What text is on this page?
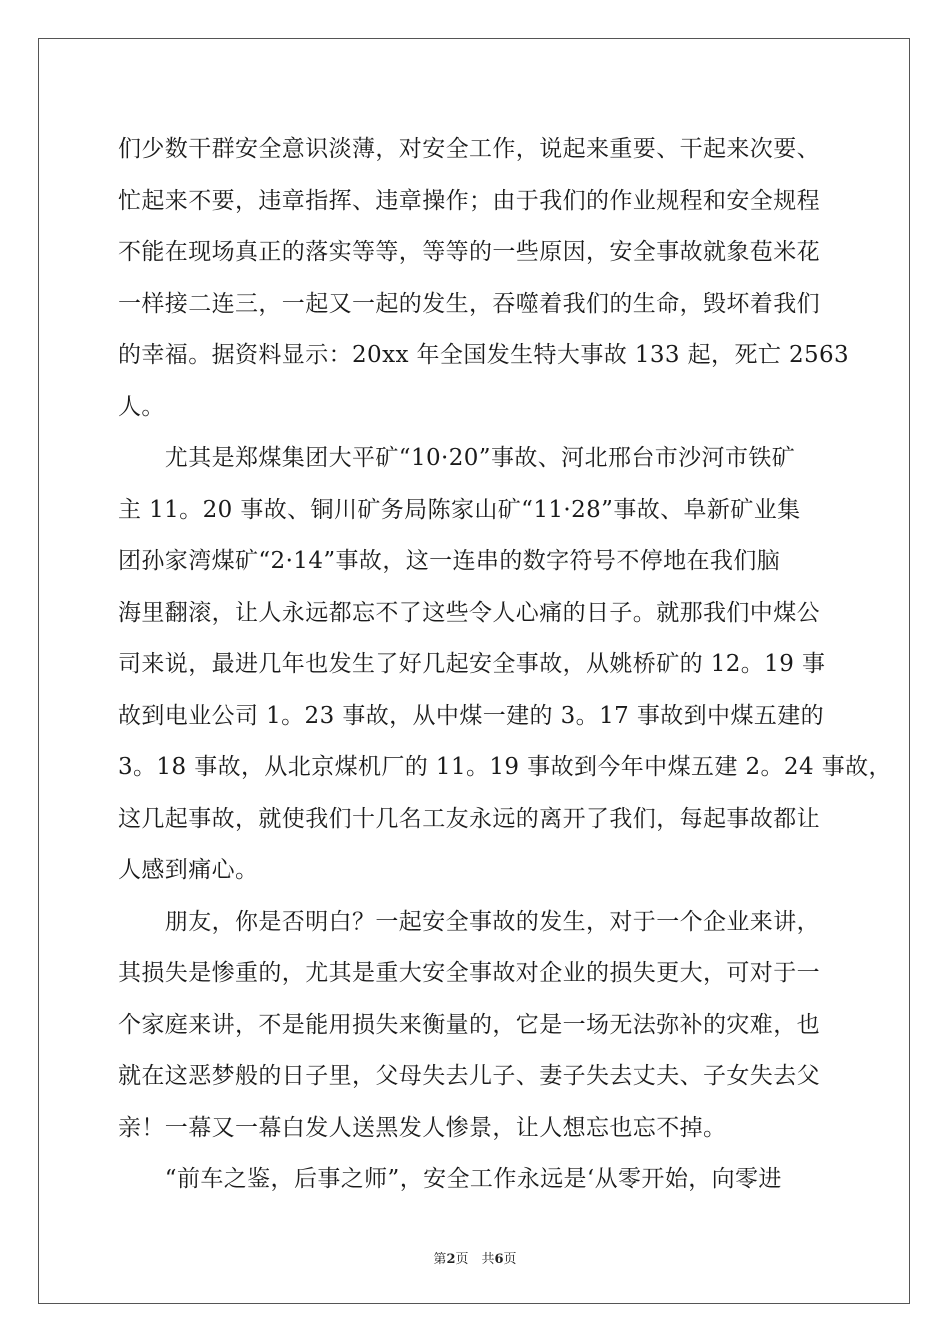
们少数干群安全意识淡薄，对安全工作，说起来重要、干起来次要、
忙起来不要，违章指挥、违章操作；由于我们的作业规程和安全规程
不能在现场真正的落实等等，等等的一些原因，安全事故就象苞米花
一样接二连三，一起又一起的发生，吞噬着我们的生命，毁坏着我们
的幸福。据资料显示：20xx 年全国发生特大事故 133 起，死亡 2563
人。
　　尤其是郑煤集团大平矿“10·20”事故、河北邢台市沙河市铁矿
主 11。20 事故、铜川矿务局陈家山矿“11·28”事故、阜新矿业集
团孙家湾煤矿“2·14”事故，这一连串的数字符号不停地在我们脑
海里翻滚，让人永远都忘不了这些令人心痛的日子。就那我们中煤公
司来说，最进几年也发生了好几起安全事故，从姚桥矿的 12。19 事
故到电业公司 1。23 事故，从中煤一建的 3。17 事故到中煤五建的
3。18 事故，从北京煤机厂的 11。19 事故到今年中煤五建 2。24 事故，
这几起事故，就使我们十几名工友永远的离开了我们，每起事故都让
人感到痛心。
　　朋友，你是否明白？一起安全事故的发生，对于一个企业来讲，
其损失是惨重的，尤其是重大安全事故对企业的损失更大，可对于一
个家庭来讲，不是能用损失来衡量的，它是一场无法弥补的灾难，也
就在这恶梦般的日子里，父母失去儿子、妻子失去丈夫、子女失去父
亲！一幕又一幕白发人送黑发人惨景，让人想忘也忘不掉。
　　“前车之鉴，后事之师”，安全工作永远是‘从零开始，向零进
第2页　共6页
